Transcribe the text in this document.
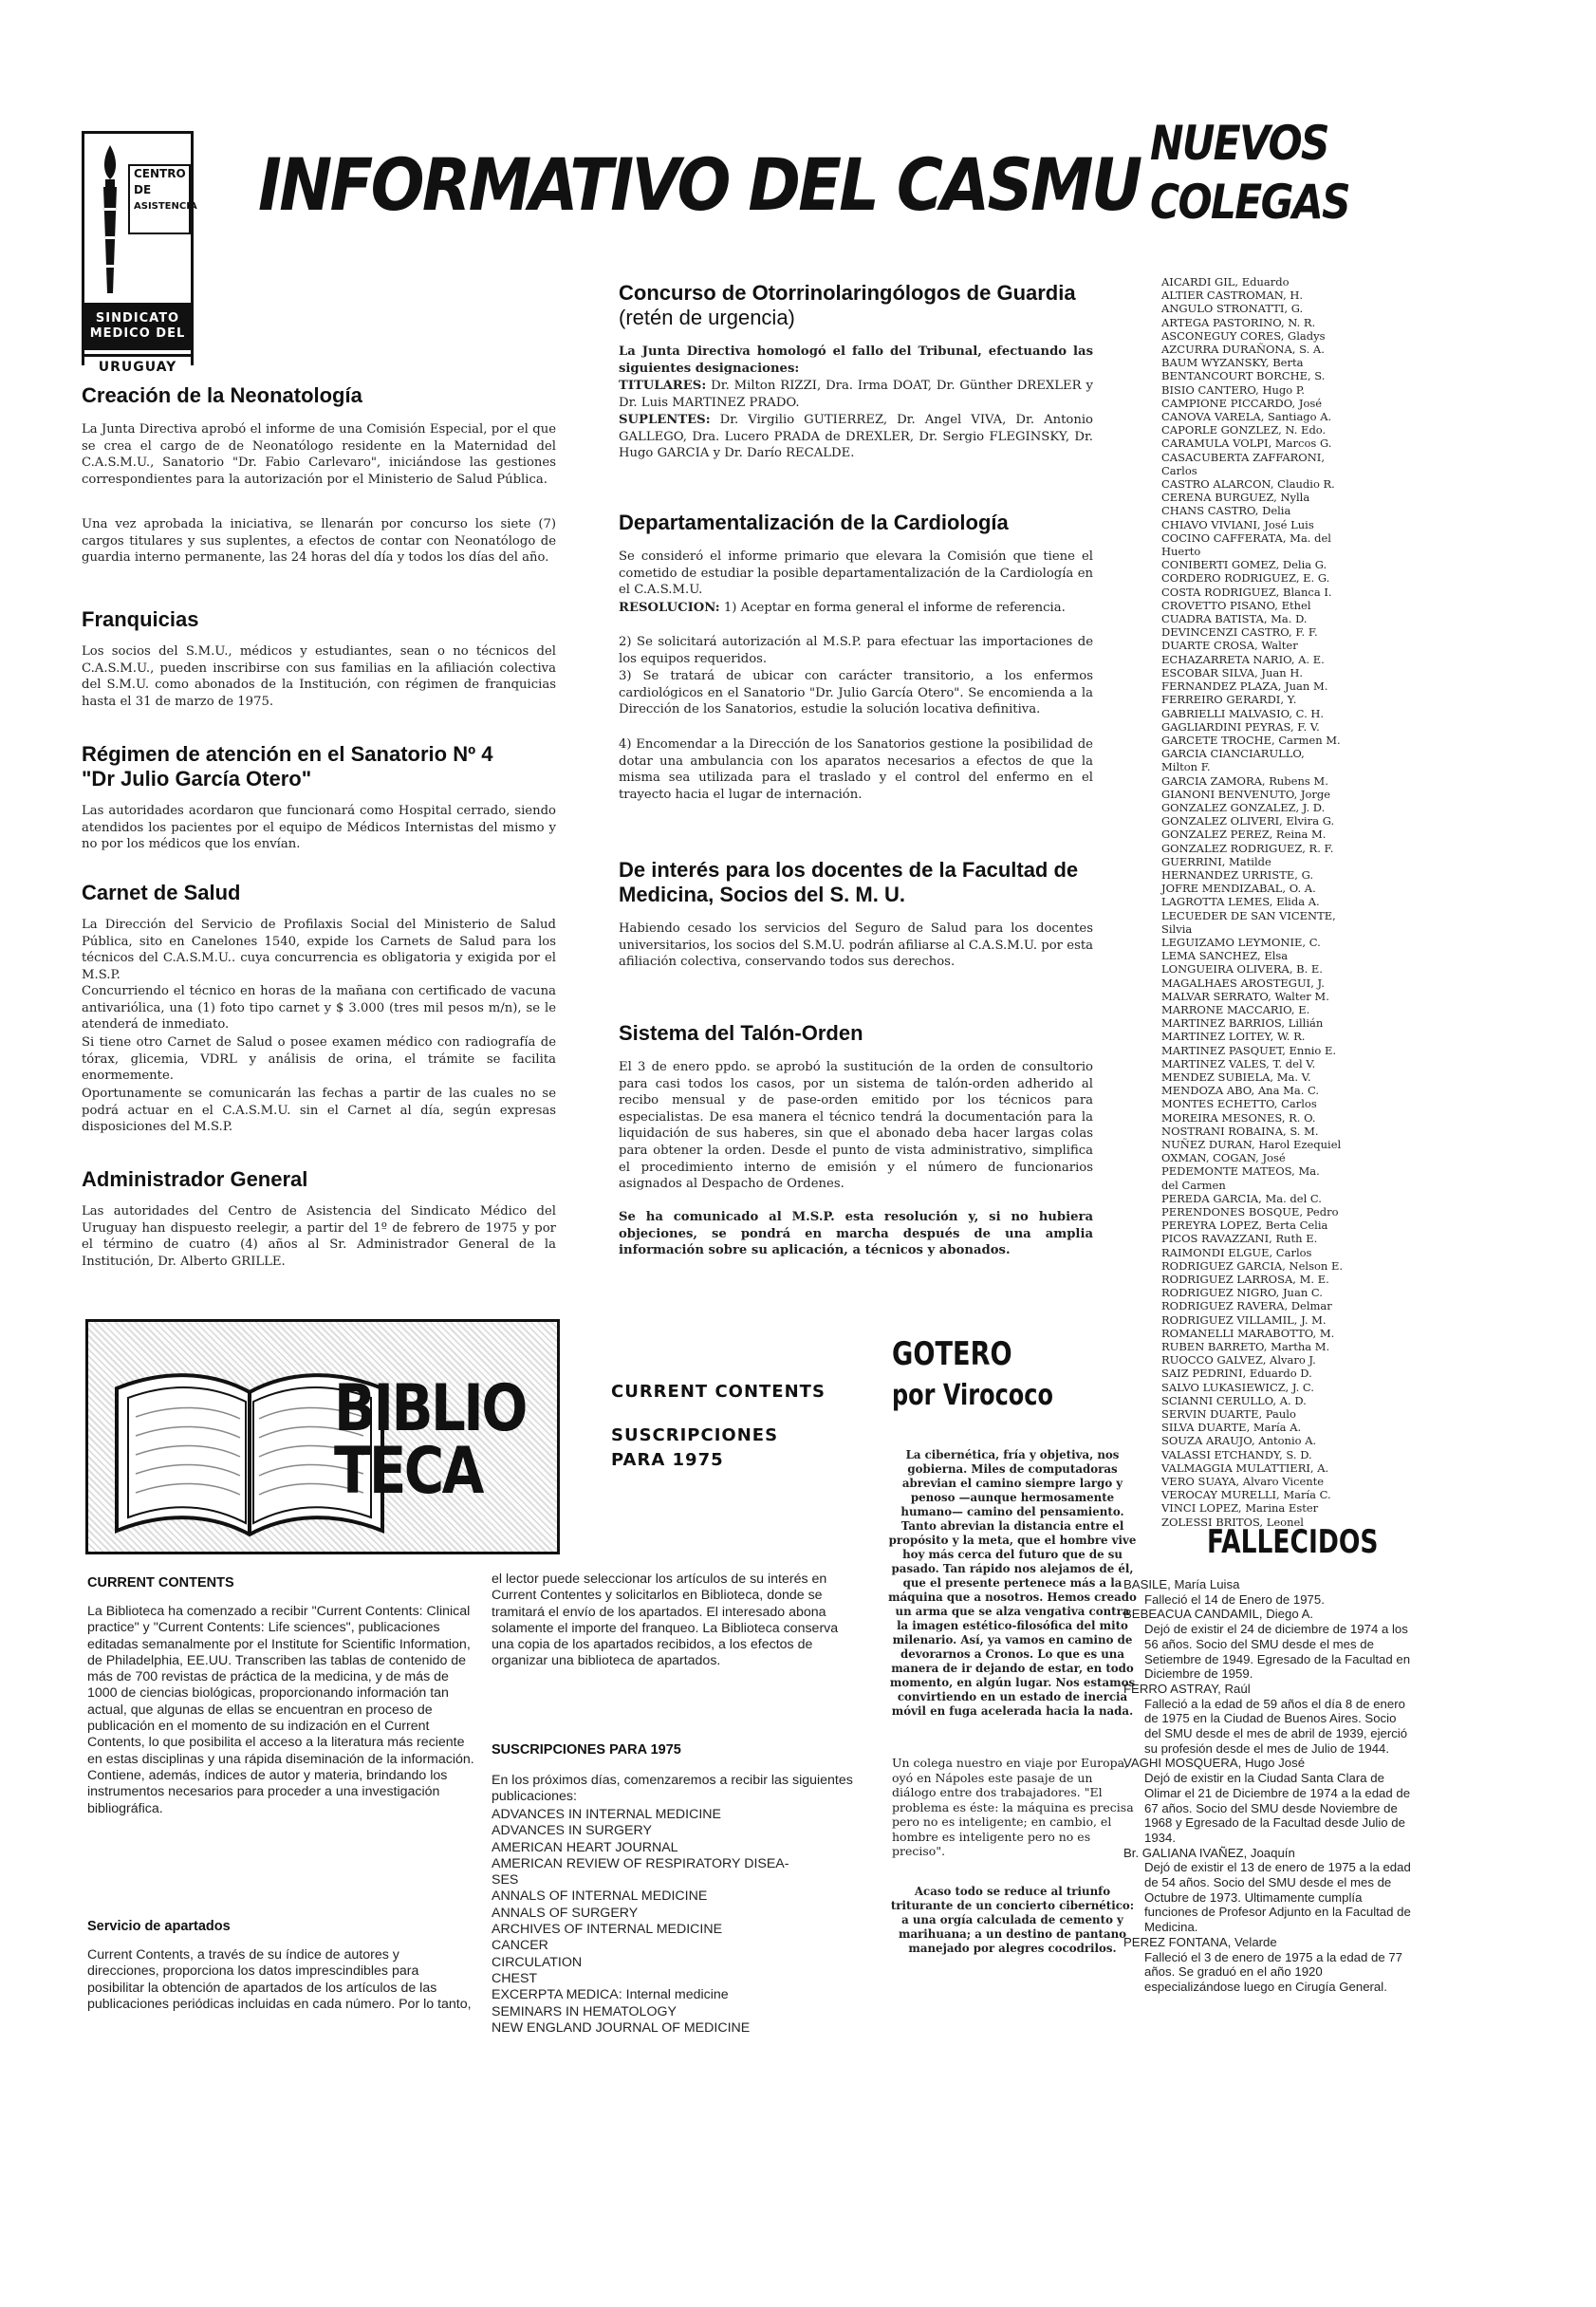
CENTRO
DE
ASISTENCIA
SINDICATO
MEDICO DEL
URUGUAY
INFORMATIVO DEL CASMU NUEVOS
COLEGAS
Creación de la Neonatología

La Junta Directiva aprobó el informe de una Comisión Especial, por el que se crea el cargo de de Neonatólogo residente en la Maternidad del C.A.S.M.U., Sanatorio "Dr. Fabio Carlevaro", iniciándose las gestiones correspondientes para la autorización por el Ministerio de Salud Pública.

Una vez aprobada la iniciativa, se llenarán por concurso los siete (7) cargos titulares y sus suplentes, a efectos de contar con Neonatólogo de guardia interno permanente, las 24 horas del día y todos los días del año.

Franquicias

Los socios del S.M.U., médicos y estudiantes, sean o no técnicos del C.A.S.M.U., pueden inscribirse con sus familias en la afiliación colectiva del S.M.U. como abonados de la Institución, con régimen de franquicias hasta el 31 de marzo de 1975.

Régimen de atención en el Sanatorio Nº 4
"Dr Julio García Otero"

Las autoridades acordaron que funcionará como Hospital cerrado, siendo atendidos los pacientes por el equipo de Médicos Internistas del mismo y no por los médicos que los envían.

Carnet de Salud

La Dirección del Servicio de Profilaxis Social del Ministerio de Salud Pública, sito en Canelones 1540, expide los Carnets de Salud para los técnicos del C.A.S.M.U.. cuya concurrencia es obligatoria y exigida por el M.S.P.

Concurriendo el técnico en horas de la mañana con certificado de vacuna antivariólica, una (1) foto tipo carnet y $ 3.000 (tres mil pesos m/n), se le atenderá de inmediato.

Si tiene otro Carnet de Salud o posee examen médico con radiografía de tórax, glicemia, VDRL y análisis de orina, el trámite se facilita enormemente.

Oportunamente se comunicarán las fechas a partir de las cuales no se podrá actuar en el C.A.S.M.U. sin el Carnet al día, según expresas disposiciones del M.S.P.

Administrador General

Las autoridades del Centro de Asistencia del Sindicato Médico del Uruguay han dispuesto reelegir, a partir del 1º de febrero de 1975 y por el término de cuatro (4) años al Sr. Administrador General de la Institución, Dr. Alberto GRILLE.

Concurso de Otorrinolaringólogos de Guardia
(retén de urgencia)

La Junta Directiva homologó el fallo del Tribunal, efectuando las siguientes designaciones:

TITULARES: Dr. Milton RIZZI, Dra. Irma DOAT, Dr. Günther DREXLER y Dr. Luis MARTINEZ PRADO.

SUPLENTES: Dr. Virgilio GUTIERREZ, Dr. Angel VIVA, Dr. Antonio GALLEGO, Dra. Lucero PRADA de DREXLER, Dr. Sergio FLEGINSKY, Dr. Hugo GARCIA y Dr. Darío RECALDE.

Departamentalización de la Cardiología

Se consideró el informe primario que elevara la Comisión que tiene el cometido de estudiar la posible departamentalización de la Cardiología en el C.A.S.M.U.

RESOLUCION: 1) Aceptar en forma general el informe de referencia.

2) Se solicitará autorización al M.S.P. para efectuar las importaciones de los equipos requeridos.

3) Se tratará de ubicar con carácter transitorio, a los enfermos cardiológicos en el Sanatorio "Dr. Julio García Otero". Se encomienda a la Dirección de los Sanatorios, estudie la solución locativa definitiva.

4) Encomendar a la Dirección de los Sanatorios gestione la posibilidad de dotar una ambulancia con los aparatos necesarios a efectos de que la misma sea utilizada para el traslado y el control del enfermo en el trayecto hacia el lugar de internación.

De interés para los docentes de la Facultad de
Medicina, Socios del S. M. U.

Habiendo cesado los servicios del Seguro de Salud para los docentes universitarios, los socios del S.M.U. podrán afiliarse al C.A.S.M.U. por esta afiliación colectiva, conservando todos sus derechos.

Sistema del Talón-Orden

El 3 de enero ppdo. se aprobó la sustitución de la orden de consultorio para casi todos los casos, por un sistema de talón-orden adherido al recibo mensual y de pase-orden emitido por los técnicos para especialistas. De esa manera el técnico tendrá la documentación para la liquidación de sus haberes, sin que el abonado deba hacer largas colas para obtener la orden. Desde el punto de vista administrativo, simplifica el procedimiento interno de emisión y el número de funcionarios asignados al Despacho de Ordenes.

Se ha comunicado al M.S.P. esta resolución y, si no hubiera objeciones, se pondrá en marcha después de una amplia información sobre su aplicación, a técnicos y abonados.

AICARDI GIL, Eduardo
ALTIER CASTROMAN, H.
ANGULO STRONATTI, G.
ARTEGA PASTORINO, N. R.
ASCONEGUY CORES, Gladys
AZCURRA DURAÑONA, S. A.
BAUM WYZANSKY, Berta
BENTANCOURT BORCHE, S.
BISIO CANTERO, Hugo P.
CAMPIONE PICCARDO, José
CANOVA VARELA, Santiago A.
CAPORLE GONZLEZ, N. Edo.
CARAMULA VOLPI, Marcos G.
CASACUBERTA ZAFFARONI,
Carlos
CASTRO ALARCON, Claudio R.
CERENA BURGUEZ, Nylla
CHANS CASTRO, Delia
CHIAVO VIVIANI, José Luis
COCINO CAFFERATA, Ma. del
Huerto
CONIBERTI GOMEZ, Delia G.
CORDERO RODRIGUEZ, E. G.
COSTA RODRIGUEZ, Blanca I.
CROVETTO PISANO, Ethel
CUADRA BATISTA, Ma. D.
DEVINCENZI CASTRO, F. F.
DUARTE CROSA, Walter
ECHAZARRETA NARIO, A. E.
ESCOBAR SILVA, Juan H.
FERNANDEZ PLAZA, Juan M.
FERREIRO GERARDI, Y.
GABRIELLI MALVASIO, C. H.
GAGLIARDINI PEYRAS, F. V.
GARCETE TROCHE, Carmen M.
GARCIA CIANCIARULLO,
Milton F.
GARCIA ZAMORA, Rubens M.
GIANONI BENVENUTO, Jorge
GONZALEZ GONZALEZ, J. D.
GONZALEZ OLIVERI, Elvira G.
GONZALEZ PEREZ, Reina M.
GONZALEZ RODRIGUEZ, R. F.
GUERRINI, Matilde
HERNANDEZ URRISTE, G.
JOFRE MENDIZABAL, O. A.
LAGROTTA LEMES, Elida A.
LECUEDER DE SAN VICENTE,
Silvia
LEGUIZAMO LEYMONIE, C.
LEMA SANCHEZ, Elsa
LONGUEIRA OLIVERA, B. E.
MAGALHAES AROSTEGUI, J.
MALVAR SERRATO, Walter M.
MARRONE MACCARIO, E.
MARTINEZ BARRIOS, Lillián
MARTINEZ LOITEY, W. R.
MARTINEZ PASQUET, Ennio E.
MARTINEZ VALES, T. del V.
MENDEZ SUBIELA, Ma. V.
MENDOZA ABO, Ana Ma. C.
MONTES ECHETTO, Carlos
MOREIRA MESONES, R. O.
NOSTRANI ROBAINA, S. M.
NUÑEZ DURAN, Harol Ezequiel
OXMAN, COGAN, José
PEDEMONTE MATEOS, Ma.
del Carmen
PEREDA GARCIA, Ma. del C.
PERENDONES BOSQUE, Pedro
PEREYRA LOPEZ, Berta Celia
PICOS RAVAZZANI, Ruth E.
RAIMONDI ELGUE, Carlos
RODRIGUEZ GARCIA, Nelson E.
RODRIGUEZ LARROSA, M. E.
RODRIGUEZ NIGRO, Juan C.
RODRIGUEZ RAVERA, Delmar
RODRIGUEZ VILLAMIL, J. M.
ROMANELLI MARABOTTO, M.
RUBEN BARRETO, Martha M.
RUOCCO GALVEZ, Alvaro J.
SAIZ PEDRINI, Eduardo D.
SALVO LUKASIEWICZ, J. C.
SCIANNI CERULLO, A. D.
SERVIN DUARTE, Paulo
SILVA DUARTE, María A.
SOUZA ARAUJO, Antonio A.
VALASSI ETCHANDY, S. D.
VALMAGGIA MULATTIERI, A.
VERO SUAYA, Alvaro Vicente
VEROCAY MURELLI, María C.
VINCI LOPEZ, Marina Ester
ZOLESSI BRITOS, Leonel
BIBLIO
TECA
CURRENT CONTENTS
SUSCRIPCIONES
PARA 1975
CURRENT CONTENTS

La Biblioteca ha comenzado a recibir "Current Contents: Clinical practice" y "Current Contents: Life sciences", publicaciones editadas semanalmente por el Institute for Scientific Information, de Philadelphia, EE.UU. Transcriben las tablas de contenido de más de 700 revistas de práctica de la medicina, y de más de 1000 de ciencias biológicas, proporcionando información tan actual, que algunas de ellas se encuentran en proceso de publicación en el momento de su indización en el Current Contents, lo que posibilita el acceso a la literatura más reciente en estas disciplinas y una rápida diseminación de la información. Contiene, además, índices de autor y materia, brindando los instrumentos necesarios para proceder a una investigación bibliográfica.

Servicio de apartados

Current Contents, a través de su índice de autores y direcciones, proporciona los datos imprescindibles para posibilitar la obtención de apartados de los artículos de las publicaciones periódicas incluidas en cada número. Por lo tanto,

el lector puede seleccionar los artículos de su interés en Current Contentes y solicitarlos en Biblioteca, donde se tramitará el envío de los apartados. El interesado abona solamente el importe del franqueo. La Biblioteca conserva una copia de los apartados recibidos, a los efectos de organizar una biblioteca de apartados.

SUSCRIPCIONES PARA 1975

En los próximos días, comenzaremos a recibir las siguientes publicaciones:

ADVANCES IN INTERNAL MEDICINE
ADVANCES IN SURGERY
AMERICAN HEART JOURNAL
AMERICAN REVIEW OF RESPIRATORY DISEA-
SES
ANNALS OF INTERNAL MEDICINE
ANNALS OF SURGERY
ARCHIVES OF INTERNAL MEDICINE
CANCER
CIRCULATION
CHEST
EXCERPTA MEDICA: Internal medicine
SEMINARS IN HEMATOLOGY
NEW ENGLAND JOURNAL OF MEDICINE
GOTERO
por Virococo

La cibernética, fría y objetiva, nos gobierna. Miles de computadoras abrevian el camino siempre largo y penoso —aunque hermosamente humano— camino del pensamiento. Tanto abrevian la distancia entre el propósito y la meta, que el hombre vive hoy más cerca del futuro que de su pasado. Tan rápido nos alejamos de él, que el presente pertenece más a la máquina que a nosotros. Hemos creado un arma que se alza vengativa contra la imagen estético-filosófica del mito milenario. Así, ya vamos en camino de devorarnos a Cronos. Lo que es una manera de ir dejando de estar, en todo momento, en algún lugar. Nos estamos convirtiendo en un estado de inercia móvil en fuga acelerada hacia la nada.

Un colega nuestro en viaje por Europa, oyó en Nápoles este pasaje de un diálogo entre dos trabajadores. "El problema es éste: la máquina es precisa pero no es inteligente; en cambio, el hombre es inteligente pero no es preciso".

Acaso todo se reduce al triunfo triturante de un concierto cibernético: a una orgía calculada de cemento y marihuana; a un destino de pantano manejado por alegres cocodrilos.

FALLECIDOS
BASILE, María Luisa
Falleció el 14 de Enero de 1975.
BEBEACUA CANDAMIL, Diego A.
Dejó de existir el 24 de diciembre de 1974 a los 56 años. Socio del SMU desde el mes de Setiembre de 1949. Egresado de la Facultad en Diciembre de 1959.
FERRO ASTRAY, Raúl
Falleció a la edad de 59 años el día 8 de enero de 1975 en la Ciudad de Buenos Aires. Socio del SMU desde el mes de abril de 1939, ejerció su profesión desde el mes de Julio de 1944.
VAGHI MOSQUERA, Hugo José
Dejó de existir en la Ciudad Santa Clara de Olimar el 21 de Diciembre de 1974 a la edad de 67 años. Socio del SMU desde Noviembre de 1968 y Egresado de la Facultad desde Julio de 1934.
Br. GALIANA IVAÑEZ, Joaquín
Dejó de existir el 13 de enero de 1975 a la edad de 54 años. Socio del SMU desde el mes de Octubre de 1973. Ultimamente cumplía funciones de Profesor Adjunto en la Facultad de Medicina.
PEREZ FONTANA, Velarde
Falleció el 3 de enero de 1975 a la edad de 77 años. Se graduó en el año 1920 especializándose luego en Cirugía General.
